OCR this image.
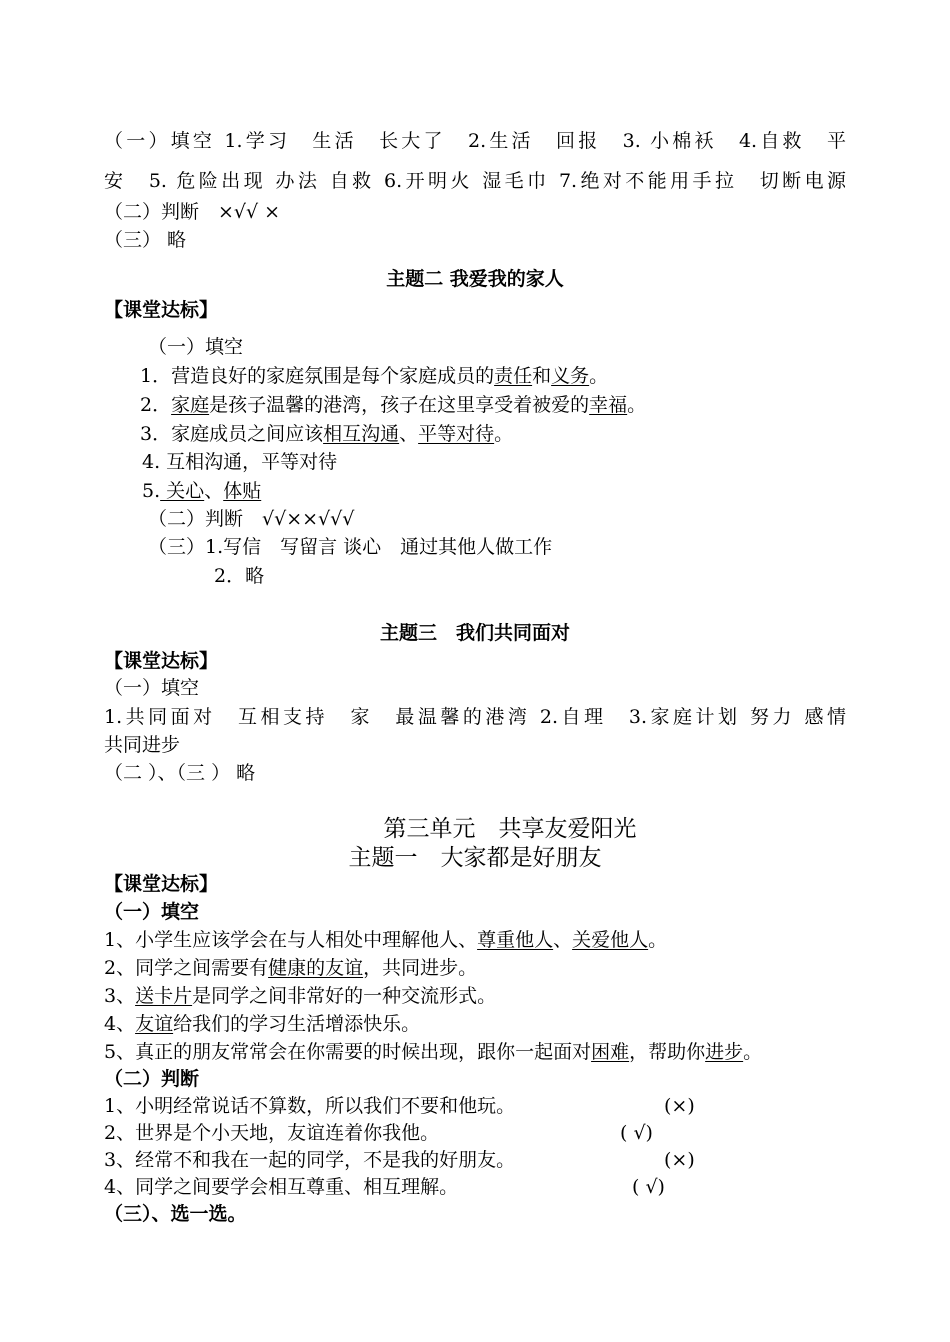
（一）填空 1.学习　生活　长大了　2.生活　回报　3. 小棉袄　4.自救　平
安　5. 危险出现 办法 自救 6.开明火 湿毛巾 7.绝对不能用手拉　切断电源
（二）判断　×√√ ×
（三） 略
主题二 我爱我的家人
【课堂达标】
（一）填空
1．营造良好的家庭氛围是每个家庭成员的责任和义务。
2．家庭是孩子温馨的港湾，孩子在这里享受着被爱的幸福。
3．家庭成员之间应该相互沟通、平等对待。
4. 互相沟通，平等对待
5. 关心、体贴
（二）判断　√√××√√√
（三）1.写信　写留言 谈心　通过其他人做工作
2．略
主题三　我们共同面对
【课堂达标】
（一）填空
1.共同面对　互相支持　家　最温馨的港湾 2.自理　3.家庭计划 努力 感情
共同进步
（二 ）、（三 ） 略
第三单元　共享友爱阳光
主题一　大家都是好朋友
【课堂达标】
（一）填空
1、小学生应该学会在与人相处中理解他人、尊重他人、关爱他人。
2、同学之间需要有健康的友谊，共同进步。
3、送卡片是同学之间非常好的一种交流形式。
4、友谊给我们的学习生活增添快乐。
5、真正的朋友常常会在你需要的时候出现，跟你一起面对困难，帮助你进步。
（二）判断
1、小明经常说话不算数，所以我们不要和他玩。	(×)
2、世界是个小天地，友谊连着你我他。	( √)
3、经常不和我在一起的同学，不是我的好朋友。	(×)
4、同学之间要学会相互尊重、相互理解。	( √)
（三）、选一选。
